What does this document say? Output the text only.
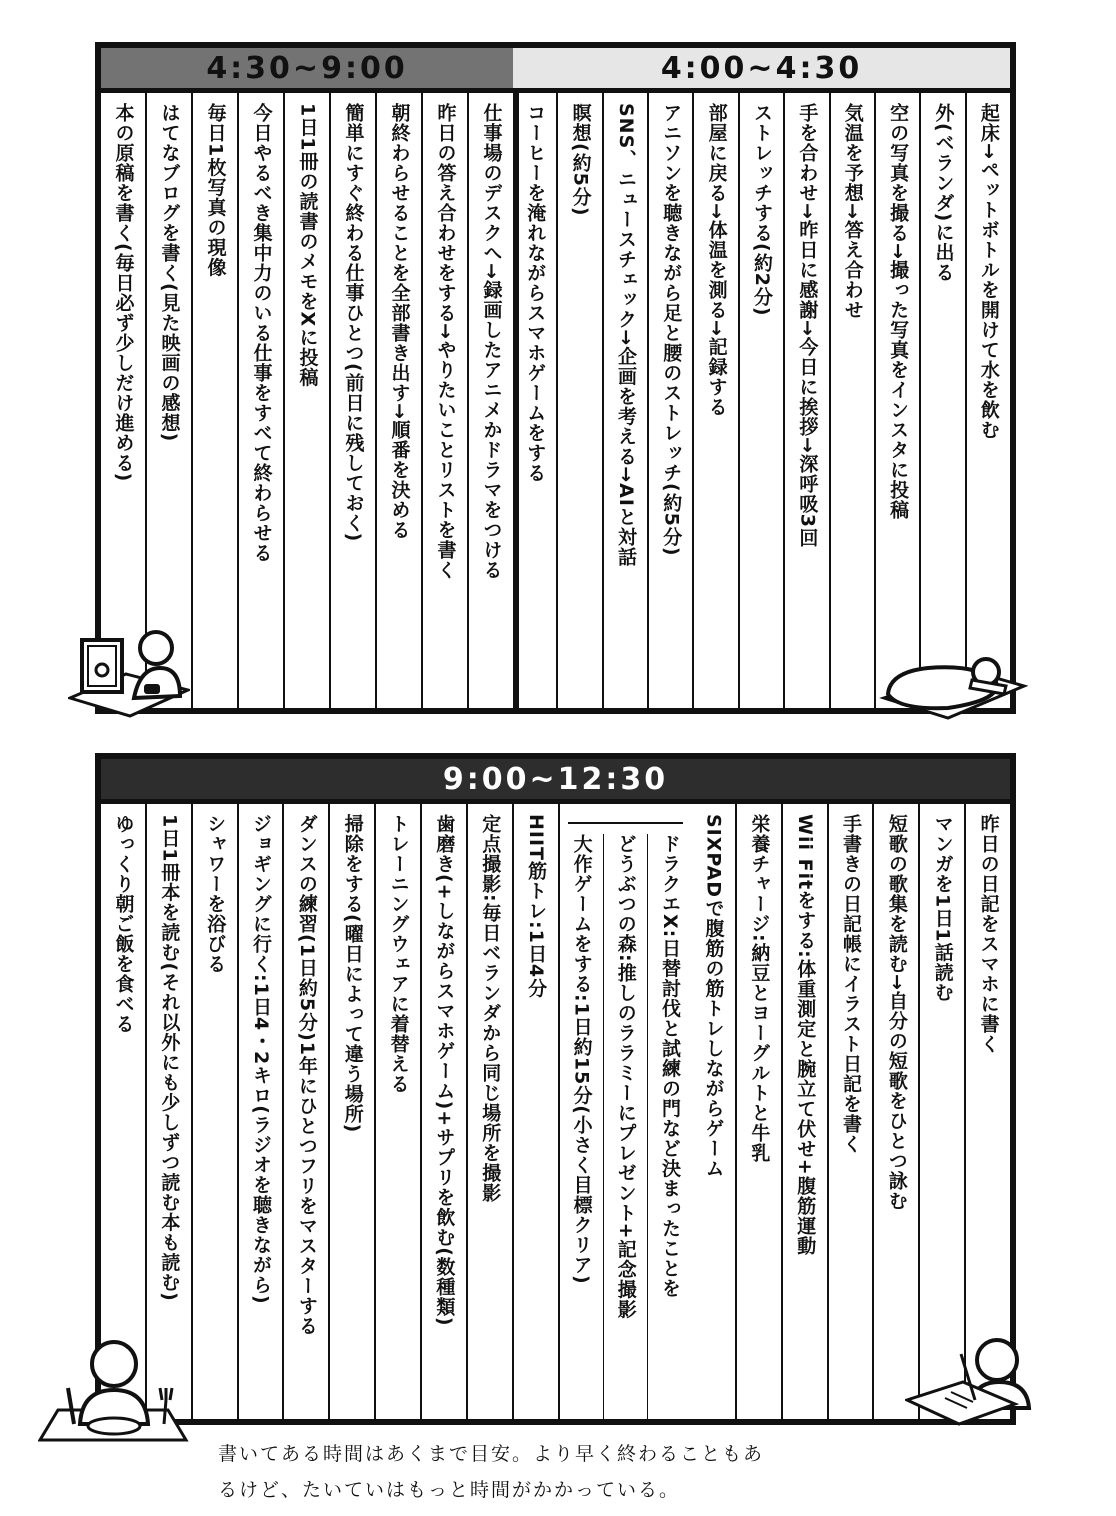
4:30~9:00
仕事場のデスクへ→録画したアニメかドラマをつける
昨日の答え合わせをする→やりたいことリストを書く
朝終わらせることを全部書き出す→順番を決める
簡単にすぐ終わる仕事ひとつ(前日に残しておく)
1日1冊の読書のメモをXに投稿
今日やるべき集中力のいる仕事をすべて終わらせる
毎日1枚写真の現像
はてなブログを書く(見た映画の感想)
本の原稿を書く(毎日必ず少しだけ進める)
4:00~4:30
起床→ペットボトルを開けて水を飲む
外(ベランダ)に出る
空の写真を撮る→撮った写真をインスタに投稿
気温を予想→答え合わせ
手を合わせ→昨日に感謝→今日に挨拶→深呼吸3回
ストレッチする(約2分)
部屋に戻る→体温を測る→記録する
アニソンを聴きながら足と腰のストレッチ(約5分)
SNS、ニュースチェック→企画を考える→AIと対話
瞑想(約5分)
コーヒーを淹れながらスマホゲームをする
9:00~12:30
昨日の日記をスマホに書く
マンガを1日1話読む
短歌の歌集を読む→自分の短歌をひとつ詠む
手書きの日記帳にイラスト日記を書く
Wii Fitをする:体重測定と腕立て伏せ+腹筋運動
栄養チャージ:納豆とヨーグルトと牛乳
SIXPADで腹筋の筋トレしながらゲーム
ドラクエX:日替討伐と試練の門など決まったことを
どうぶつの森:推しのララミーにプレゼント+記念撮影
大作ゲームをする:1日約15分(小さく目標クリア)
HIIT筋トレ:1日4分
定点撮影:毎日ベランダから同じ場所を撮影
歯磨き(+しながらスマホゲーム)+サプリを飲む(数種類)
トレーニングウェアに着替える
掃除をする(曜日によって違う場所)
ダンスの練習(1日約5分)1年にひとつフリをマスターする
ジョギングに行く:1日4・2キロ(ラジオを聴きながら)
シャワーを浴びる
1日1冊本を読む(それ以外にも少しずつ読む本も読む)
ゆっくり朝ご飯を食べる
書いてある時間はあくまで目安。より早く終わることもあ
るけど、たいていはもっと時間がかかっている。
